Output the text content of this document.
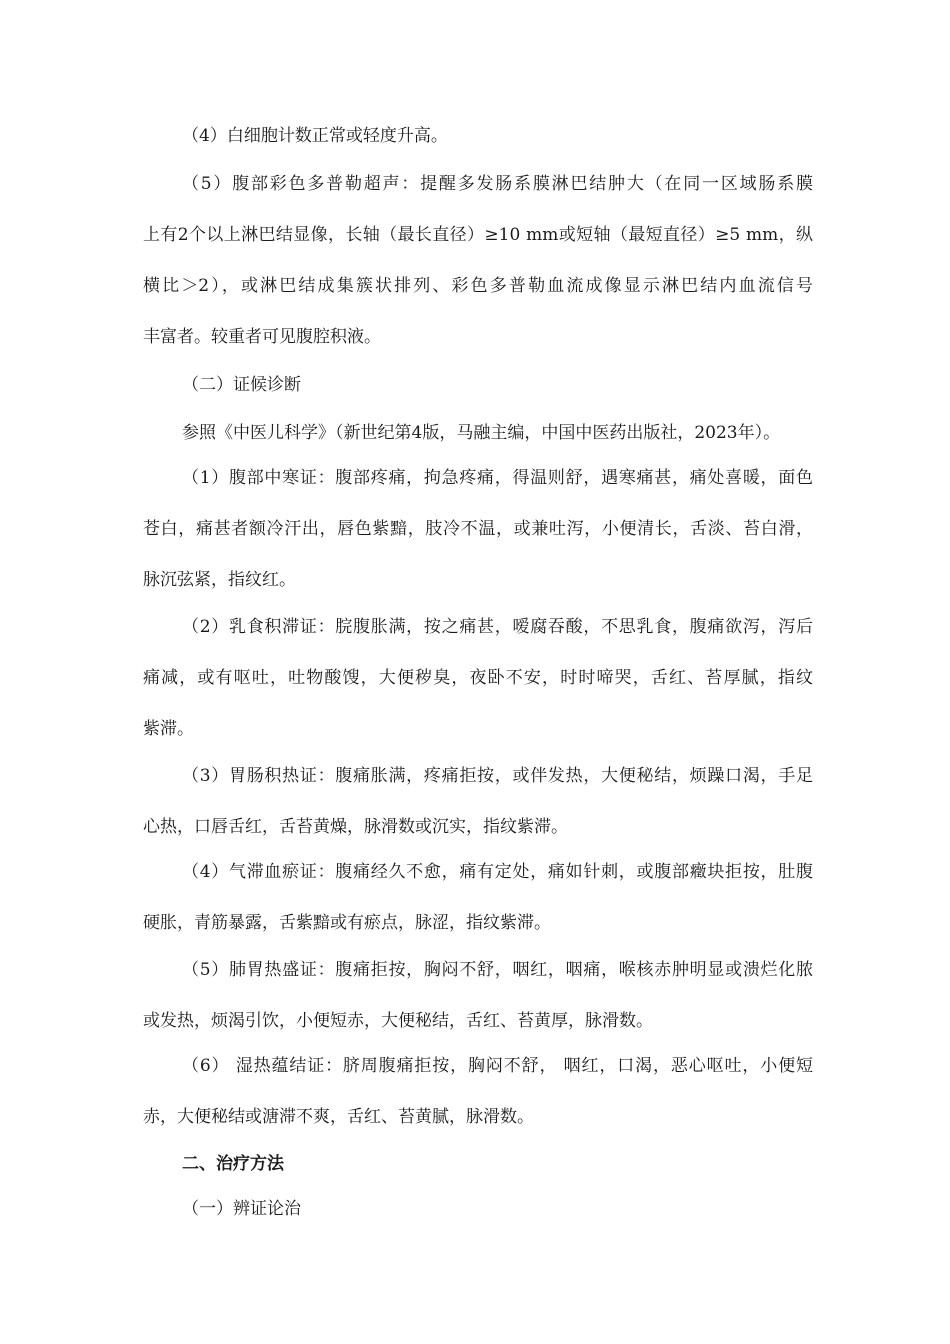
（4）白细胞计数正常或轻度升高。
（5）腹部彩色多普勒超声：提醒多发肠系膜淋巴结肿大（在同一区域肠系膜
上有2个以上淋巴结显像，长轴（最长直径）≥10 mm或短轴（最短直径）≥5 mm，纵
横比＞2），或淋巴结成集簇状排列、彩色多普勒血流成像显示淋巴结内血流信号
丰富者。较重者可见腹腔积液。
（二）证候诊断
参照《中医儿科学》（新世纪第4版，马融主编，中国中医药出版社，2023年）。
（1）腹部中寒证：腹部疼痛，拘急疼痛，得温则舒，遇寒痛甚，痛处喜暖，面色
苍白，痛甚者额冷汗出，唇色紫黯，肢冷不温，或兼吐泻，小便清长，舌淡、苔白滑，
脉沉弦紧，指纹红。
（2）乳食积滞证：脘腹胀满，按之痛甚，嗳腐吞酸，不思乳食，腹痛欲泻，泻后
痛减，或有呕吐，吐物酸馊，大便秽臭，夜卧不安，时时啼哭，舌红、苔厚腻，指纹
紫滞。
（3）胃肠积热证：腹痛胀满，疼痛拒按，或伴发热，大便秘结，烦躁口渴，手足
心热，口唇舌红，舌苔黄燥，脉滑数或沉实，指纹紫滞。
（4）气滞血瘀证：腹痛经久不愈，痛有定处，痛如针刺，或腹部癥块拒按，肚腹
硬胀，青筋暴露，舌紫黯或有瘀点，脉涩，指纹紫滞。
（5）肺胃热盛证：腹痛拒按，胸闷不舒，咽红，咽痛，喉核赤肿明显或溃烂化脓
或发热，烦渴引饮，小便短赤，大便秘结，舌红、苔黄厚，脉滑数。
（6） 湿热蕴结证：脐周腹痛拒按，胸闷不舒， 咽红，口渴，恶心呕吐，小便短
赤，大便秘结或溏滞不爽，舌红、苔黄腻，脉滑数。
二、治疗方法
（一）辨证论治
